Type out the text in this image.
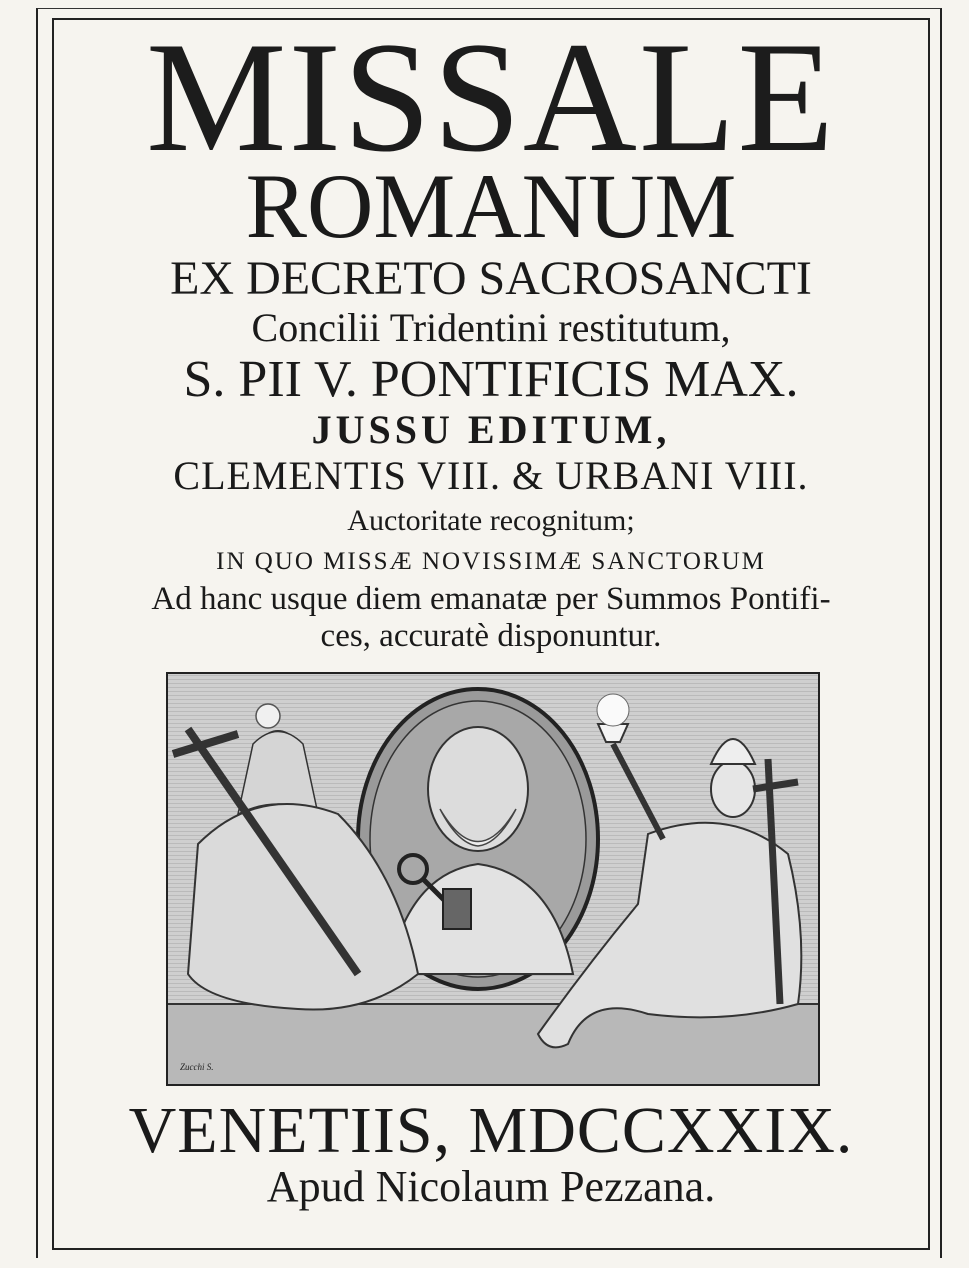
MISSALE
ROMANUM
EX DECRETO SACROSANCTI
Concilii Tridentini restitutum,
S. PII V. PONTIFICIS MAX.
JUSSU EDITUM,
CLEMENTIS VIII. & URBANI VIII.
Auctoritate recognitum;
IN QUO MISSÆ NOVISSIMÆ SANCTORUM
Ad hanc usque diem emanatæ per Summos Pontifi-
ces, accuratè disponuntur.
Zucchi S.
VENETIIS, MDCCXXIX.
Apud Nicolaum Pezzana.
